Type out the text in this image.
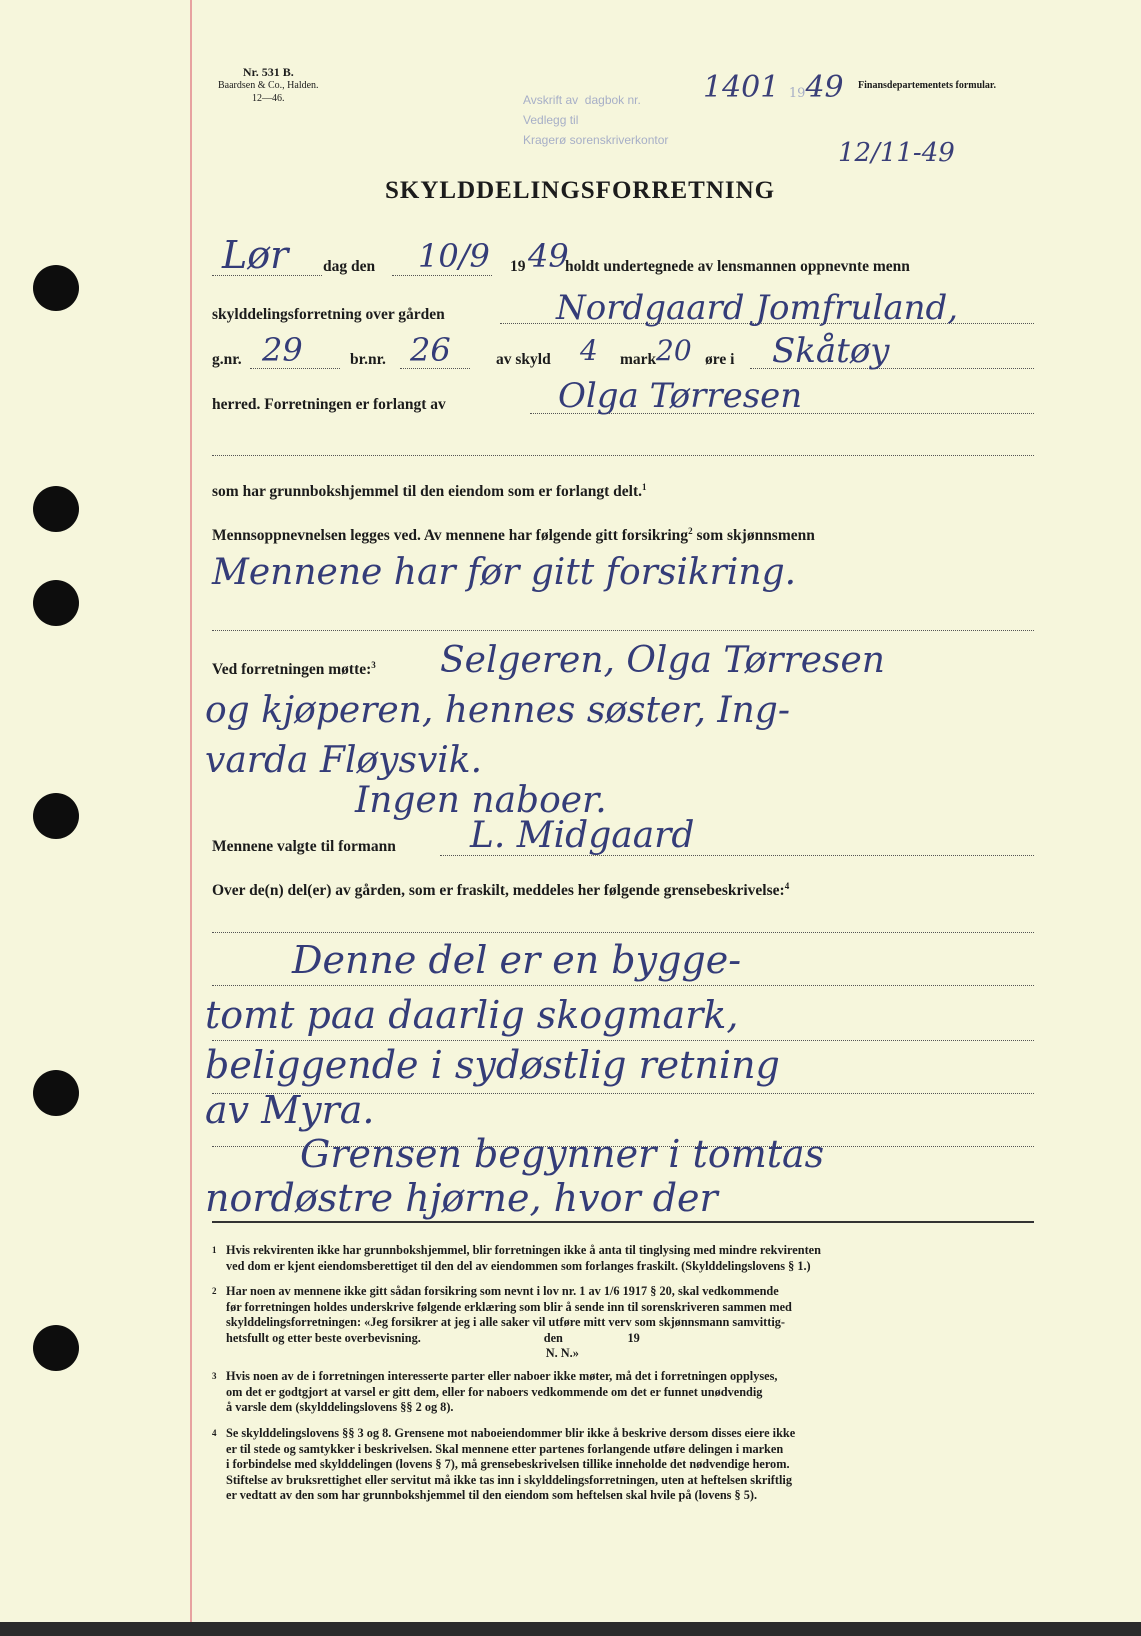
Nr. 531 B.
Baardsen & Co., Halden.
12—46.	Avskrift av dagbok nr.
Vedlegg til
Kragerø sorenskriverkontor
1401 1949 Finansdepartementets formular.
12/11-49
SKYLDDELINGSFORRETNING
Lør dag den 10/9 19 49
holdt undertegnede av lensmannen oppnevnte menn
skylddelingsforretning over gården	Nordgaard Jomfruland,
g.nr. 29	br.nr. 26	av skyld 4 mark 20 øre i Skåtøy
herred. Forretningen er forlangt av	Olga Tørresen
som har grunnbokshjemmel til den eiendom som er forlangt delt.$^1$
Mennsoppnevnelsen legges ved. Av mennene har følgende gitt forsikring$^2$ som skjønnsmenn
Mennene har før gitt forsikring.
Ved forretningen møtte:$^3$ Selgeren, Olga Tørresen
og kjøperen, hennes søster, Ing-
varda Fløysvik.
Ingen naboer.
Mennene valgte til formann L. Midgaard
Over de(n) del(er) av gården, som er fraskilt, meddeles her følgende grensebeskrivelse:$^4$
Denne del er en bygge-
tomt paa daarlig skogmark,
beliggende i sydøstlig retning
av Myra.
Grensen begynner i tomtas
nordøstre hjørne, hvor der
1 Hvis rekvirenten ikke har grunnbokshjemmel, blir forretningen ikke å anta til tinglysing med mindre rekvirenten
ved dom er kjent eiendomsberettiget til den del av eiendommen som forlanges fraskilt. (Skylddelingslovens § 1.)
2 Har noen av mennene ikke gitt sådan forsikring som nevnt i lov nr. 1 av 1/6 1917 § 20, skal vedkommende
før forretningen holdes underskrive følgende erklæring som blir å sende inn til sorenskriveren sammen med
skylddelingsforretningen: «Jeg forsikrer at jeg i alle saker vil utføre mitt verv som skjønnsmann samvittig-
hetsfullt og etter beste overbevisning.                                        den                     19
N. N.»
3 Hvis noen av de i forretningen interesserte parter eller naboer ikke møter, må det i forretningen opplyses,
om det er godtgjort at varsel er gitt dem, eller for naboers vedkommende om det er funnet unødvendig
å varsle dem (skylddelingslovens §§ 2 og 8).
4 Se skylddelingslovens §§ 3 og 8. Grensene mot naboeiendommer blir ikke å beskrive dersom disses eiere ikke
er til stede og samtykker i beskrivelsen. Skal mennene etter partenes forlangende utføre delingen i marken
i forbindelse med skylddelingen (lovens § 7), må grensebeskrivelsen tillike inneholde det nødvendige herom.
Stiftelse av bruksrettighet eller servitut må ikke tas inn i skylddelingsforretningen, uten at heftelsen skriftlig
er vedtatt av den som har grunnbokshjemmel til den eiendom som heftelsen skal hvile på (lovens § 5).
